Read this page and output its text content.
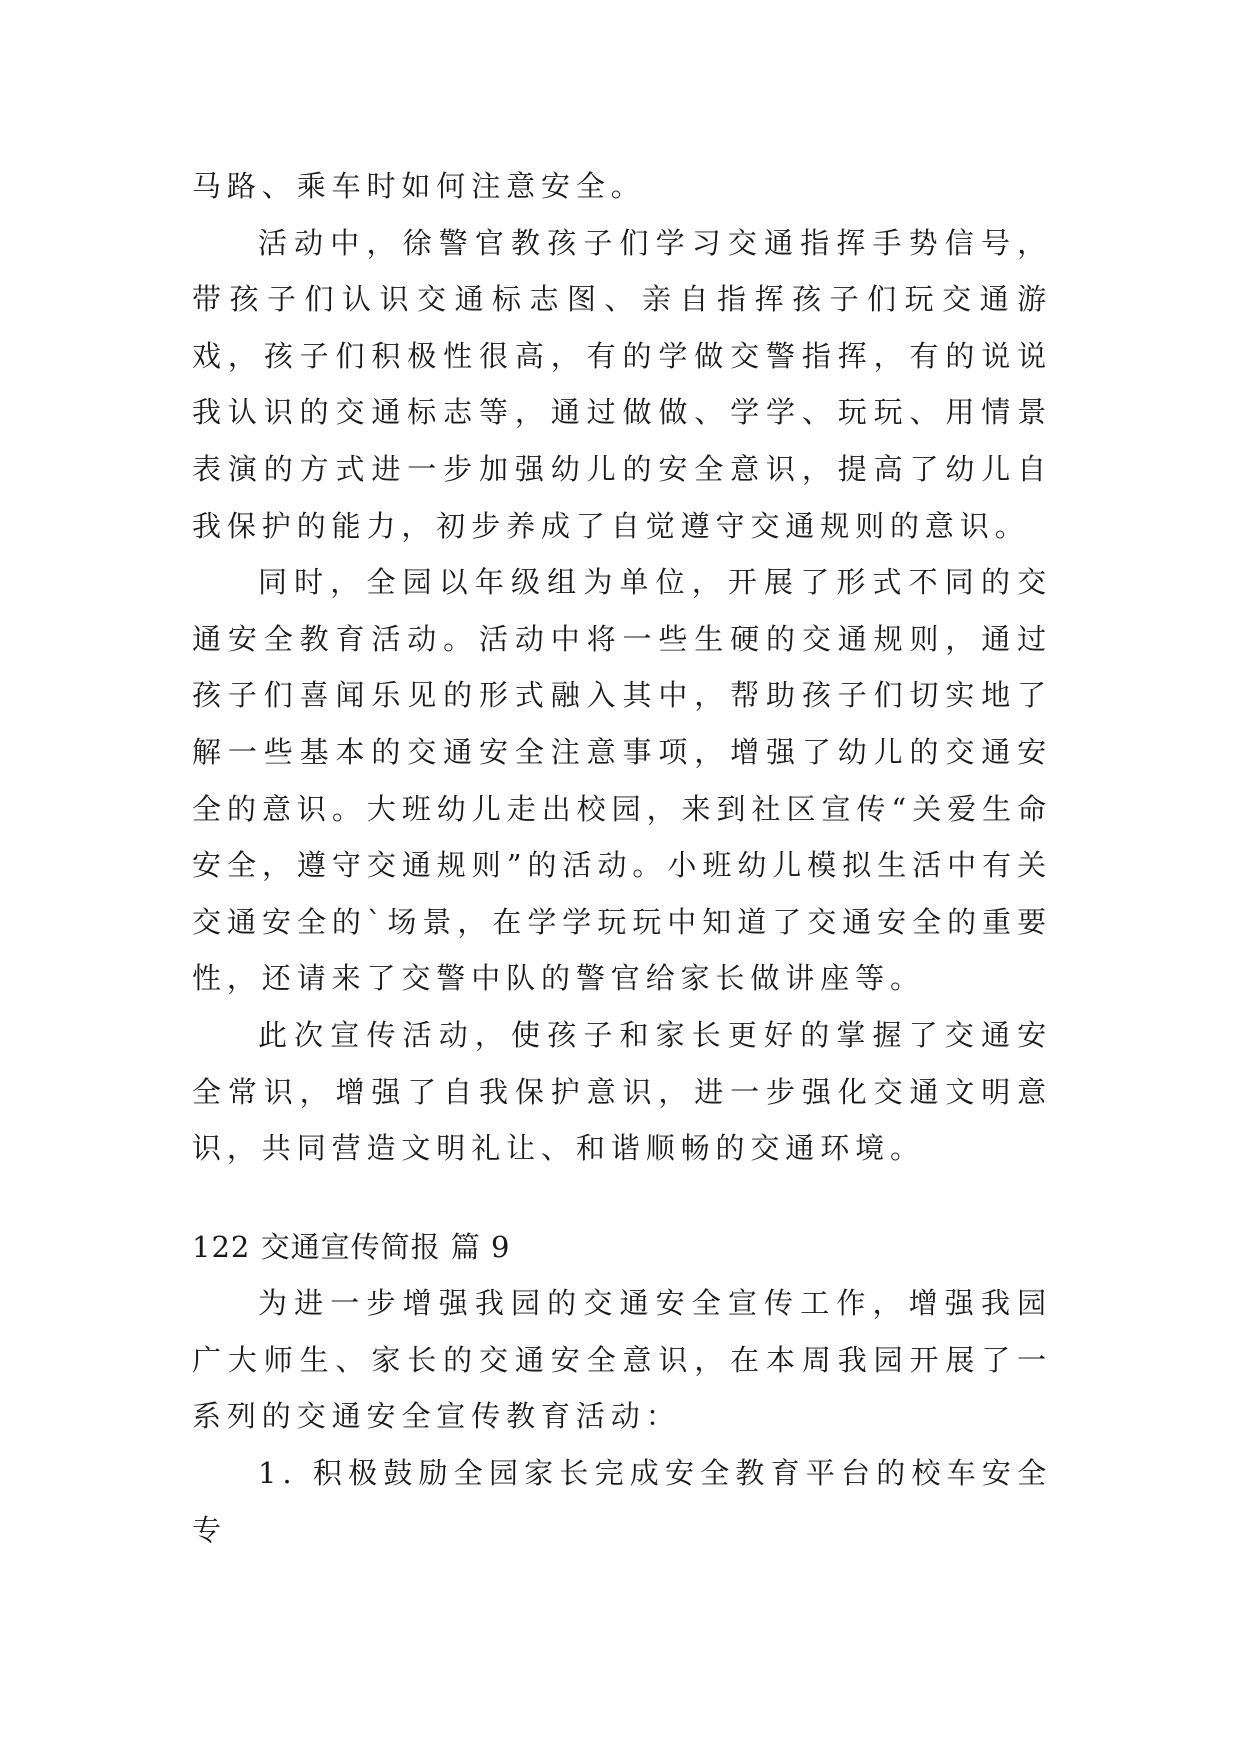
马路、乘车时如何注意安全。

活动中，徐警官教孩子们学习交通指挥手势信号，带孩子们认识交通标志图、亲自指挥孩子们玩交通游戏，孩子们积极性很高，有的学做交警指挥，有的说说我认识的交通标志等，通过做做、学学、玩玩、用情景表演的方式进一步加强幼儿的安全意识，提高了幼儿自我保护的能力，初步养成了自觉遵守交通规则的意识。

同时，全园以年级组为单位，开展了形式不同的交通安全教育活动。活动中将一些生硬的交通规则，通过孩子们喜闻乐见的形式融入其中，帮助孩子们切实地了解一些基本的交通安全注意事项，增强了幼儿的交通安全的意识。大班幼儿走出校园，来到社区宣传“关爱生命安全，遵守交通规则”的活动。小班幼儿模拟生活中有关交通安全的`场景，在学学玩玩中知道了交通安全的重要性，还请来了交警中队的警官给家长做讲座等。

此次宣传活动，使孩子和家长更好的掌握了交通安全常识，增强了自我保护意识，进一步强化交通文明意识，共同营造文明礼让、和谐顺畅的交通环境。

122 交通宣传简报 篇 9

为进一步增强我园的交通安全宣传工作，增强我园广大师生、家长的交通安全意识，在本周我园开展了一系列的交通安全宣传教育活动：

1. 积极鼓励全园家长完成安全教育平台的校车安全专
